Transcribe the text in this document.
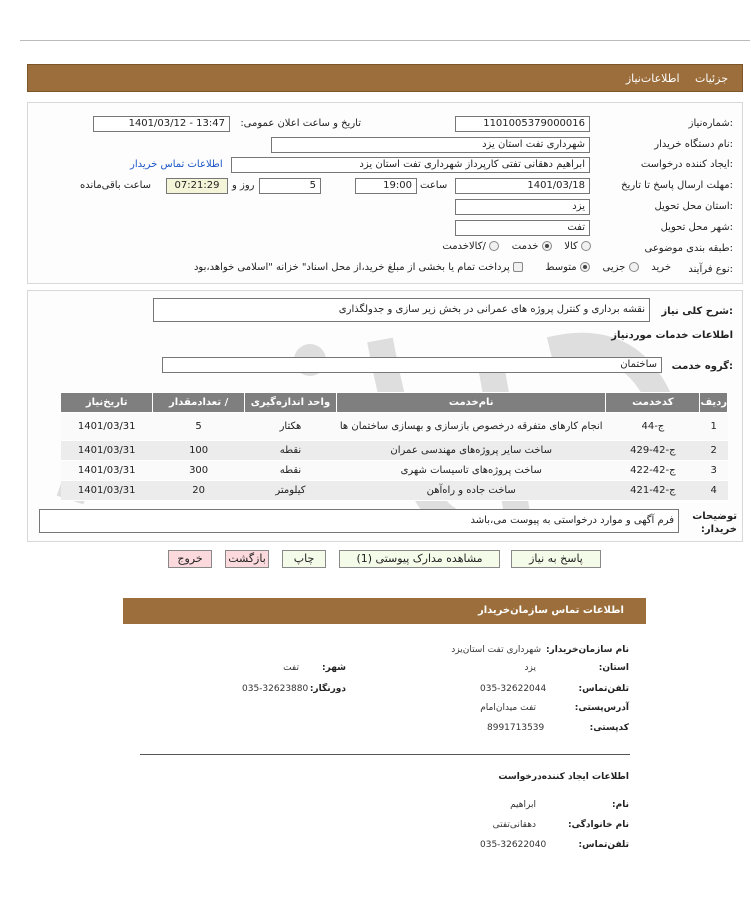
جزئیات اطلاعات‌نیاز
شماره‌نیاز:
1101005379000016
تاریخ و ساعت اعلان عمومی:
1401/03/12 - 13:47
نام دستگاه خریدار:
شهرداری تفت استان یزد
ایجاد کننده درخواست:
ابراهیم دهقانی تفتی کارپرداز شهرداری تفت استان یزد
اطلاعات تماس خریدار
مهلت ارسال پاسخ تا تاریخ:
1401/03/18
ساعت
19:00
5
روز و
07:21:29
ساعت باقی‌مانده
استان محل تحویل:
یزد
شهر محل تحویل:
تفت
طبقه بندی موضوعی:
کالا     خدمت     /کالاخدمت
نوع فرآیند:
خرید     جزیی     متوسط        پرداخت تمام یا بخشی از مبلغ خرید،از محل اسناد" خزانه "اسلامی خواهد،بود
شرح کلی نیاز:
نقشه برداری و کنترل پروژه های عمرانی در بخش زیر سازی و جدولگذاری
اطلاعات خدمات موردنیاز
گروه خدمت:
ساختمان
ردیف	کدخدمت	نام‌خدمت	واحد اندازه‌گیری	/ تعدادمقدار	تاریخ‌نیاز
1	ج-44	انجام کارهای متفرقه درخصوص بازسازی و بهسازی ساختمان ها	هکتار	5	1401/03/31
2	ج-42-429	ساخت سایر پروژه‌های مهندسی عمران	نقطه	100	1401/03/31
3	ج-42-422	ساخت پروژه‌های تاسیسات شهری	نقطه	300	1401/03/31
4	ج-42-421	ساخت جاده و راه‌آهن	کیلومتر	20	1401/03/31
توضیحات خریدار:
فرم آگهی و موارد درخواستی به پیوست می،باشد
پاسخ به نیاز
مشاهده مدارک پیوستی (1)
چاپ
بازگشت
خروج
اطلاعات تماس سازمان‌خریدار
نام سازمان‌خریدار:
شهرداری تفت استان‌یزد
استان:
یزد
شهر:
تفت
تلفن‌تماس:
035-32622044
دورنگار:
035-32623880
آدرس‌پستی:
تفت میدان‌امام
کدپستی:
8991713539
اطلاعات ایجاد کننده‌درخواست
نام:
ابراهیم
نام خانوادگی:
دهقانی‌تفتی
تلفن‌تماس:
035-32622040
